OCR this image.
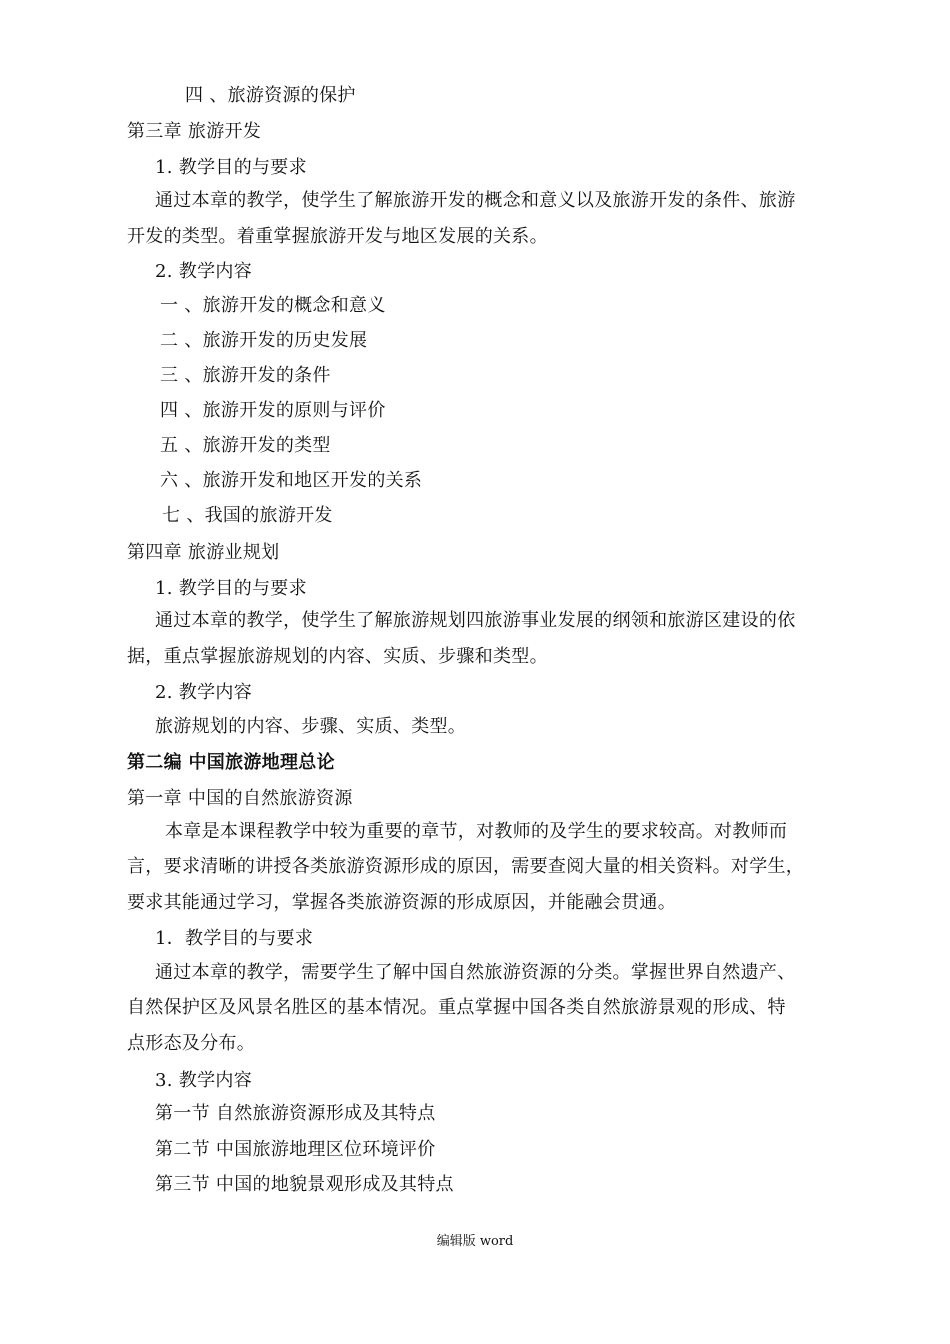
四 、旅游资源的保护
第三章 旅游开发
1. 教学目的与要求
通过本章的教学，使学生了解旅游开发的概念和意义以及旅游开发的条件、旅游
开发的类型。着重掌握旅游开发与地区发展的关系。
2. 教学内容
一 、旅游开发的概念和意义
二 、旅游开发的历史发展
三 、旅游开发的条件
四 、旅游开发的原则与评价
五 、旅游开发的类型
六 、旅游开发和地区开发的关系
七 、我国的旅游开发
第四章 旅游业规划
1. 教学目的与要求
通过本章的教学，使学生了解旅游规划四旅游事业发展的纲领和旅游区建设的依
据，重点掌握旅游规划的内容、实质、步骤和类型。
2. 教学内容
旅游规划的内容、步骤、实质、类型。
第二编 中国旅游地理总论
第一章 中国的自然旅游资源
本章是本课程教学中较为重要的章节，对教师的及学生的要求较高。对教师而
言，要求清晰的讲授各类旅游资源形成的原因，需要查阅大量的相关资料。对学生，
要求其能通过学习，掌握各类旅游资源的形成原因，并能融会贯通。
1．教学目的与要求
通过本章的教学，需要学生了解中国自然旅游资源的分类。掌握世界自然遗产、
自然保护区及风景名胜区的基本情况。重点掌握中国各类自然旅游景观的形成、特
点形态及分布。
3. 教学内容
第一节 自然旅游资源形成及其特点
第二节 中国旅游地理区位环境评价
第三节 中国的地貌景观形成及其特点
编辑版 word
